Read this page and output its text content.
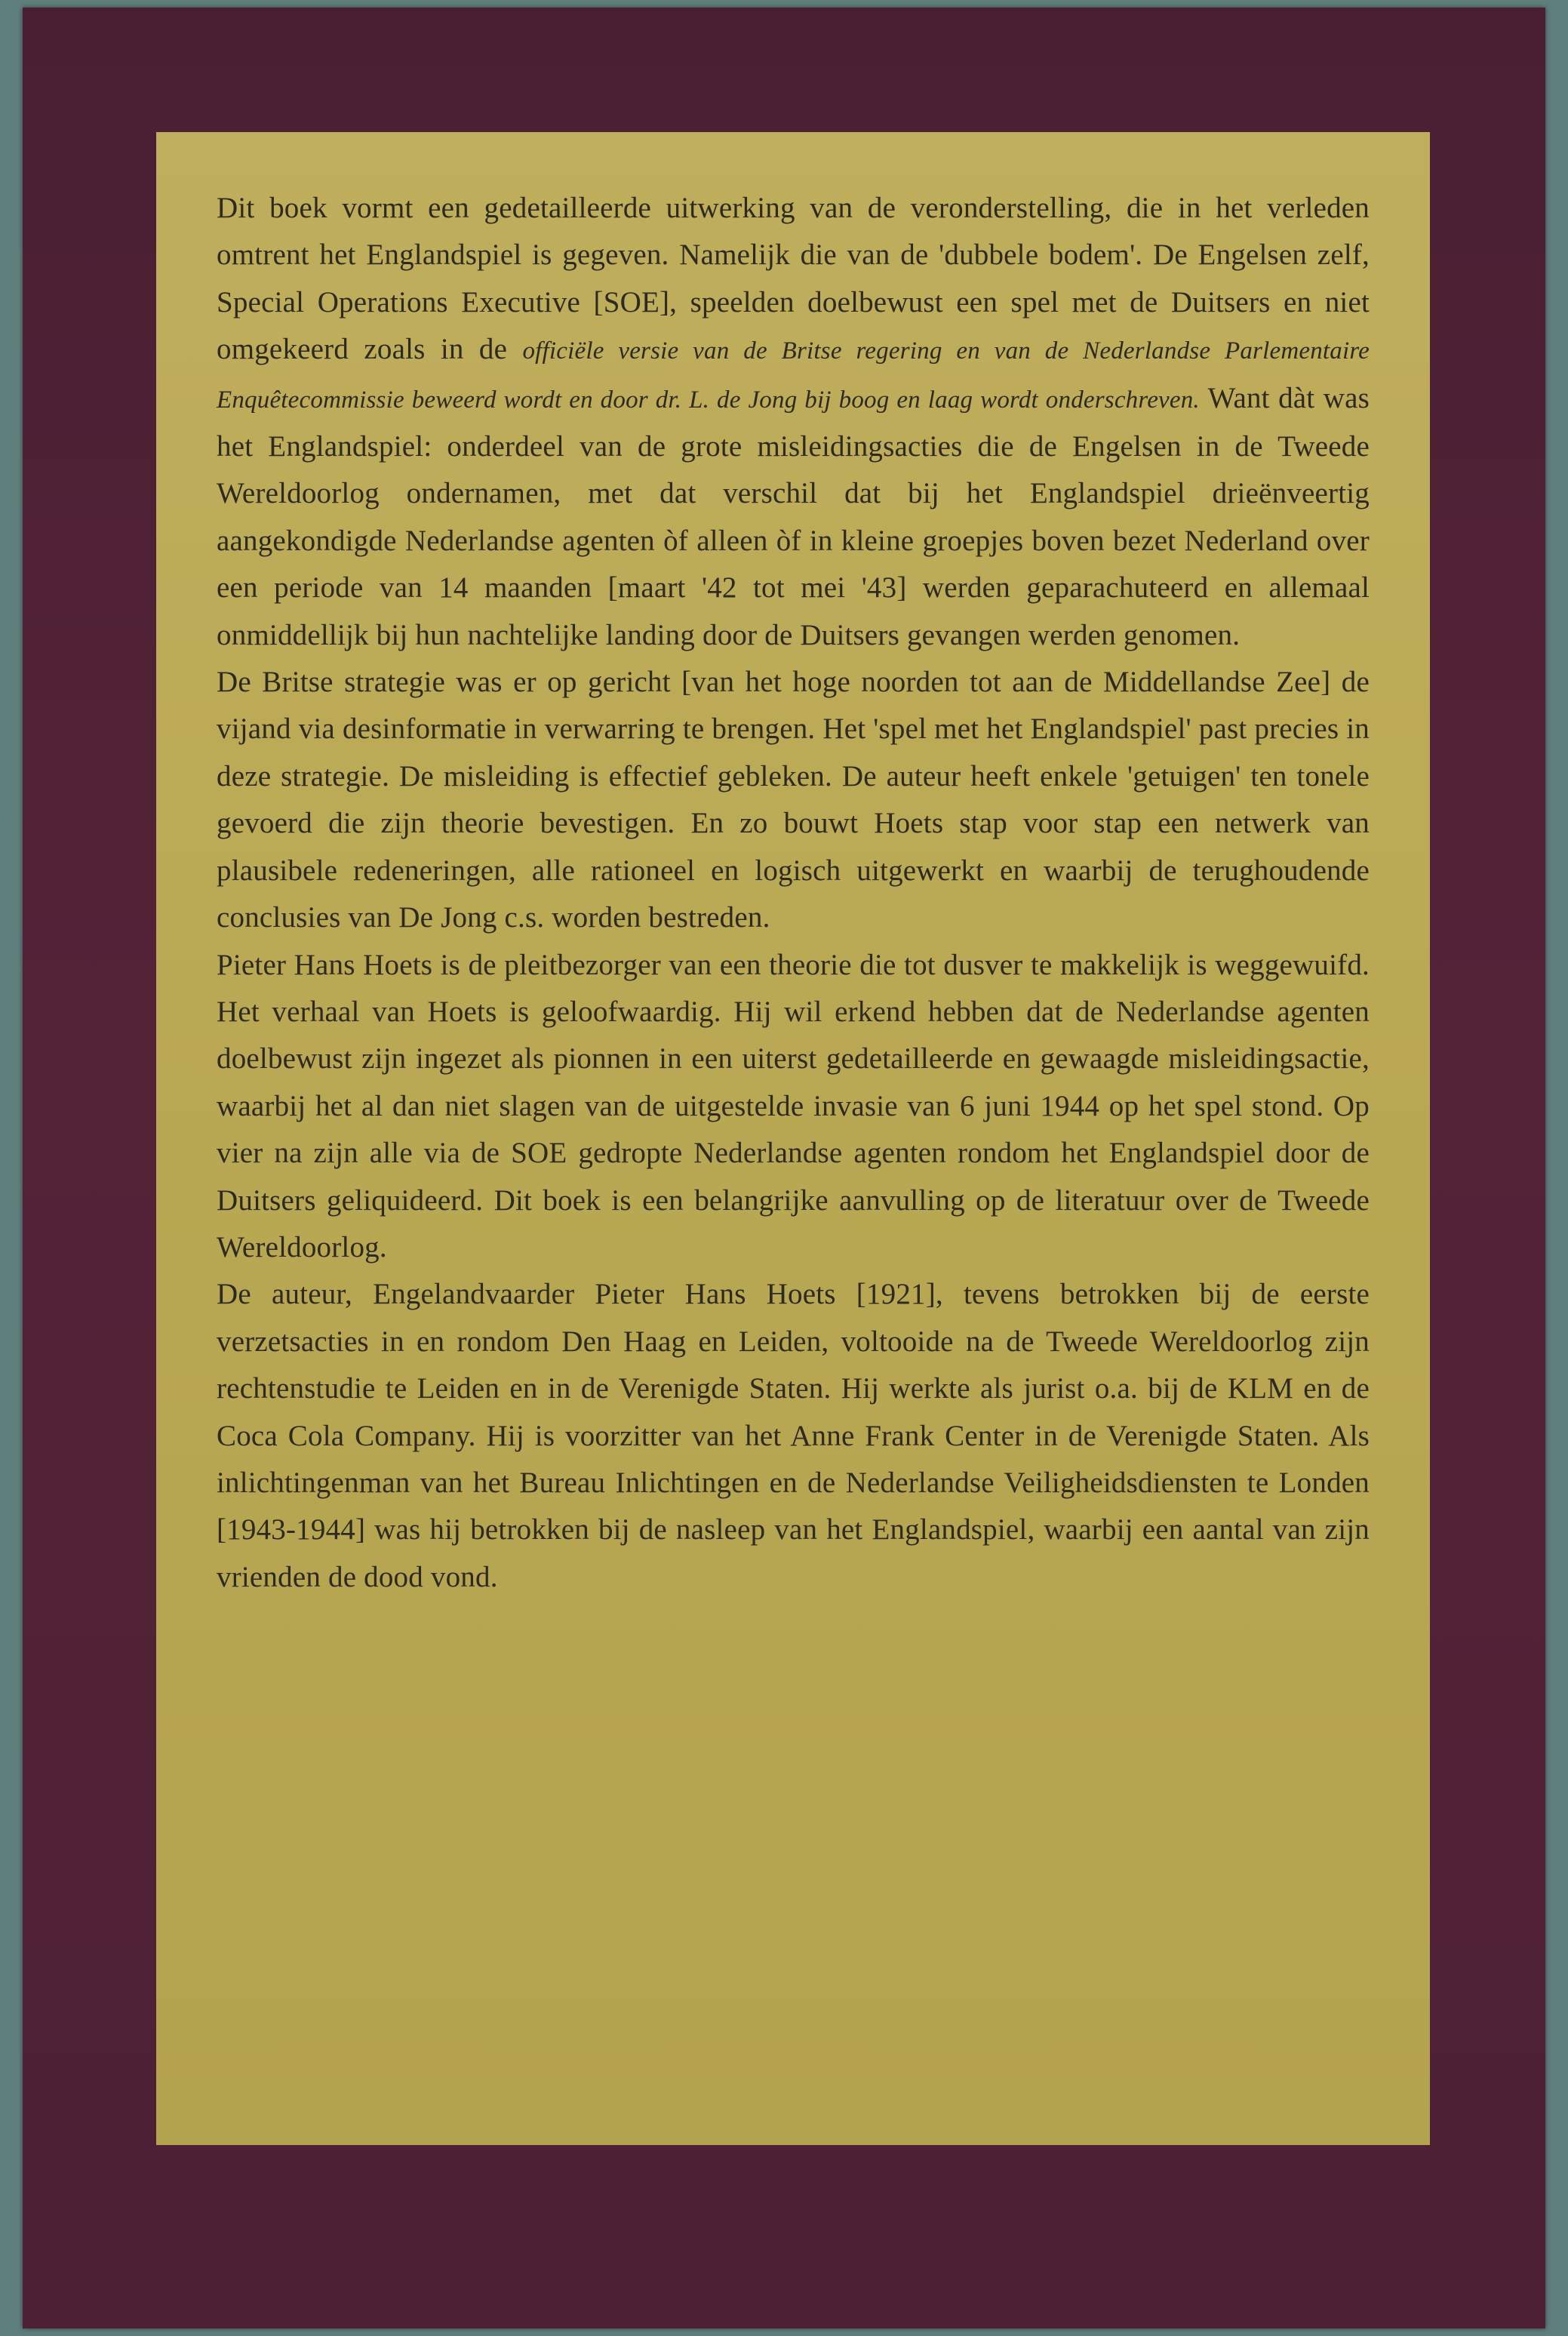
Dit boek vormt een gedetailleerde uitwerking van de veronderstelling, die in het verleden omtrent het Englandspiel is gegeven. Namelijk die van de 'dubbele bodem'. De Engelsen zelf, Special Operations Executive [SOE], speelden doelbewust een spel met de Duitsers en niet omgekeerd zoals in de officiële versie van de Britse regering en van de Nederlandse Parlementaire Enquêtecommissie beweerd wordt en door dr. L. de Jong bij boog en laag wordt onderschreven. Want dàt was het Englandspiel: onderdeel van de grote misleidingsacties die de Engelsen in de Tweede Wereldoorlog ondernamen, met dat verschil dat bij het Englandspiel drieënveertig aangekondigde Nederlandse agenten òf alleen òf in kleine groepjes boven bezet Nederland over een periode van 14 maanden [maart '42 tot mei '43] werden geparachuteerd en allemaal onmiddellijk bij hun nachtelijke landing door de Duitsers gevangen werden genomen.

De Britse strategie was er op gericht [van het hoge noorden tot aan de Middellandse Zee] de vijand via desinformatie in verwarring te brengen. Het 'spel met het Englandspiel' past precies in deze strategie. De misleiding is effectief gebleken. De auteur heeft enkele 'getuigen' ten tonele gevoerd die zijn theorie bevestigen. En zo bouwt Hoets stap voor stap een netwerk van plausibele redeneringen, alle rationeel en logisch uitgewerkt en waarbij de terughoudende conclusies van De Jong c.s. worden bestreden.

Pieter Hans Hoets is de pleitbezorger van een theorie die tot dusver te makkelijk is weggewuifd. Het verhaal van Hoets is geloofwaardig. Hij wil erkend hebben dat de Nederlandse agenten doelbewust zijn ingezet als pionnen in een uiterst gedetailleerde en gewaagde misleidingsactie, waarbij het al dan niet slagen van de uitgestelde invasie van 6 juni 1944 op het spel stond. Op vier na zijn alle via de SOE gedropte Nederlandse agenten rondom het Englandspiel door de Duitsers geliquideerd. Dit boek is een belangrijke aanvulling op de literatuur over de Tweede Wereldoorlog.

De auteur, Engelandvaarder Pieter Hans Hoets [1921], tevens betrokken bij de eerste verzetsacties in en rondom Den Haag en Leiden, voltooide na de Tweede Wereldoorlog zijn rechtenstudie te Leiden en in de Verenigde Staten. Hij werkte als jurist o.a. bij de KLM en de Coca Cola Company. Hij is voorzitter van het Anne Frank Center in de Verenigde Staten. Als inlichtingenman van het Bureau Inlichtingen en de Nederlandse Veiligheidsdiensten te Londen [1943-1944] was hij betrokken bij de nasleep van het Englandspiel, waarbij een aantal van zijn vrienden de dood vond.
